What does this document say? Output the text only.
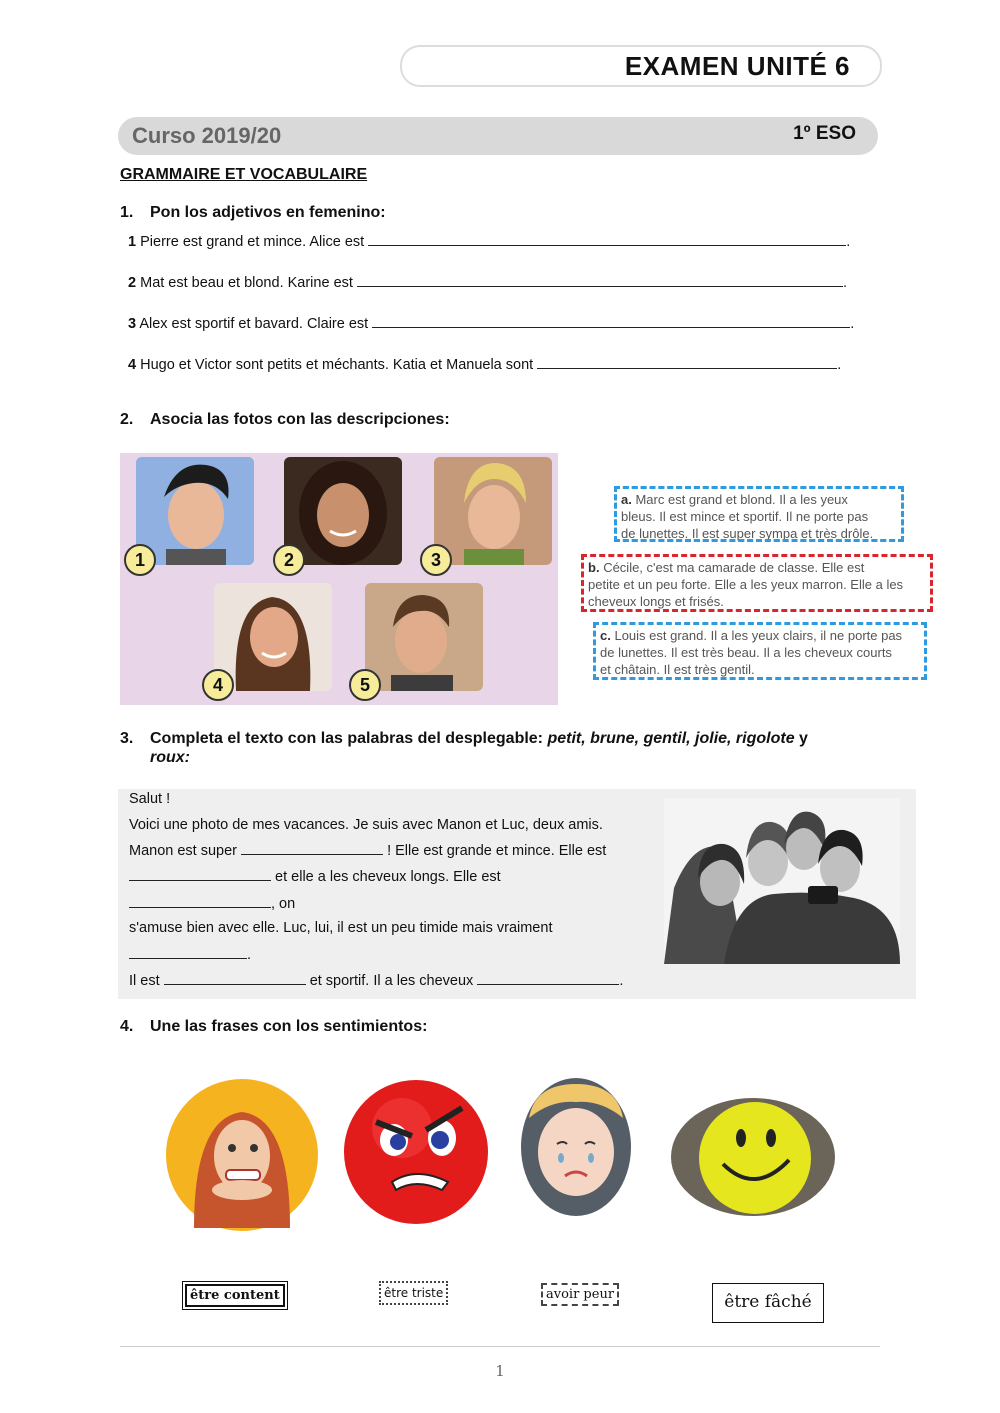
EXAMEN UNITÉ 6
Curso 2019/20	1º ESO
GRAMMAIRE ET VOCABULAIRE
1. Pon los adjetivos en femenino:
1 Pierre est grand et mince. Alice est	.
2 Mat est beau et blond. Karine est	.
3 Alex est sportif et bavard. Claire est	.
4 Hugo et Victor sont petits et méchants. Katia et Manuela sont	.
2. Asocia las fotos con las descripciones:
1	2	3
4	5
a. Marc est grand et blond. Il a les yeux
bleus. Il est mince et sportif. Il ne porte pas
de lunettes. Il est super sympa et très drôle.
b. Cécile, c'est ma camarade de classe. Elle est
petite et un peu forte. Elle a les yeux marron. Elle a les
cheveux longs et frisés.
c. Louis est grand. Il a les yeux clairs, il ne porte pas
de lunettes. Il est très beau. Il a les cheveux courts
et châtain. Il est très gentil.
3. Completa el texto con las palabras del desplegable: petit, brune, gentil, jolie, rigolote y
roux:
Salut !
Voici une photo de mes vacances. Je suis avec Manon et Luc, deux amis.
Manon est super	! Elle est grande et mince. Elle est
et elle a les cheveux longs. Elle est
, on
s'amuse bien avec elle. Luc, lui, il est un peu timide mais vraiment
.
Il est	et sportif. Il a les cheveux	.
4. Une las frases con los sentimientos:
être content	être triste	avoir peur	être fâché
1
